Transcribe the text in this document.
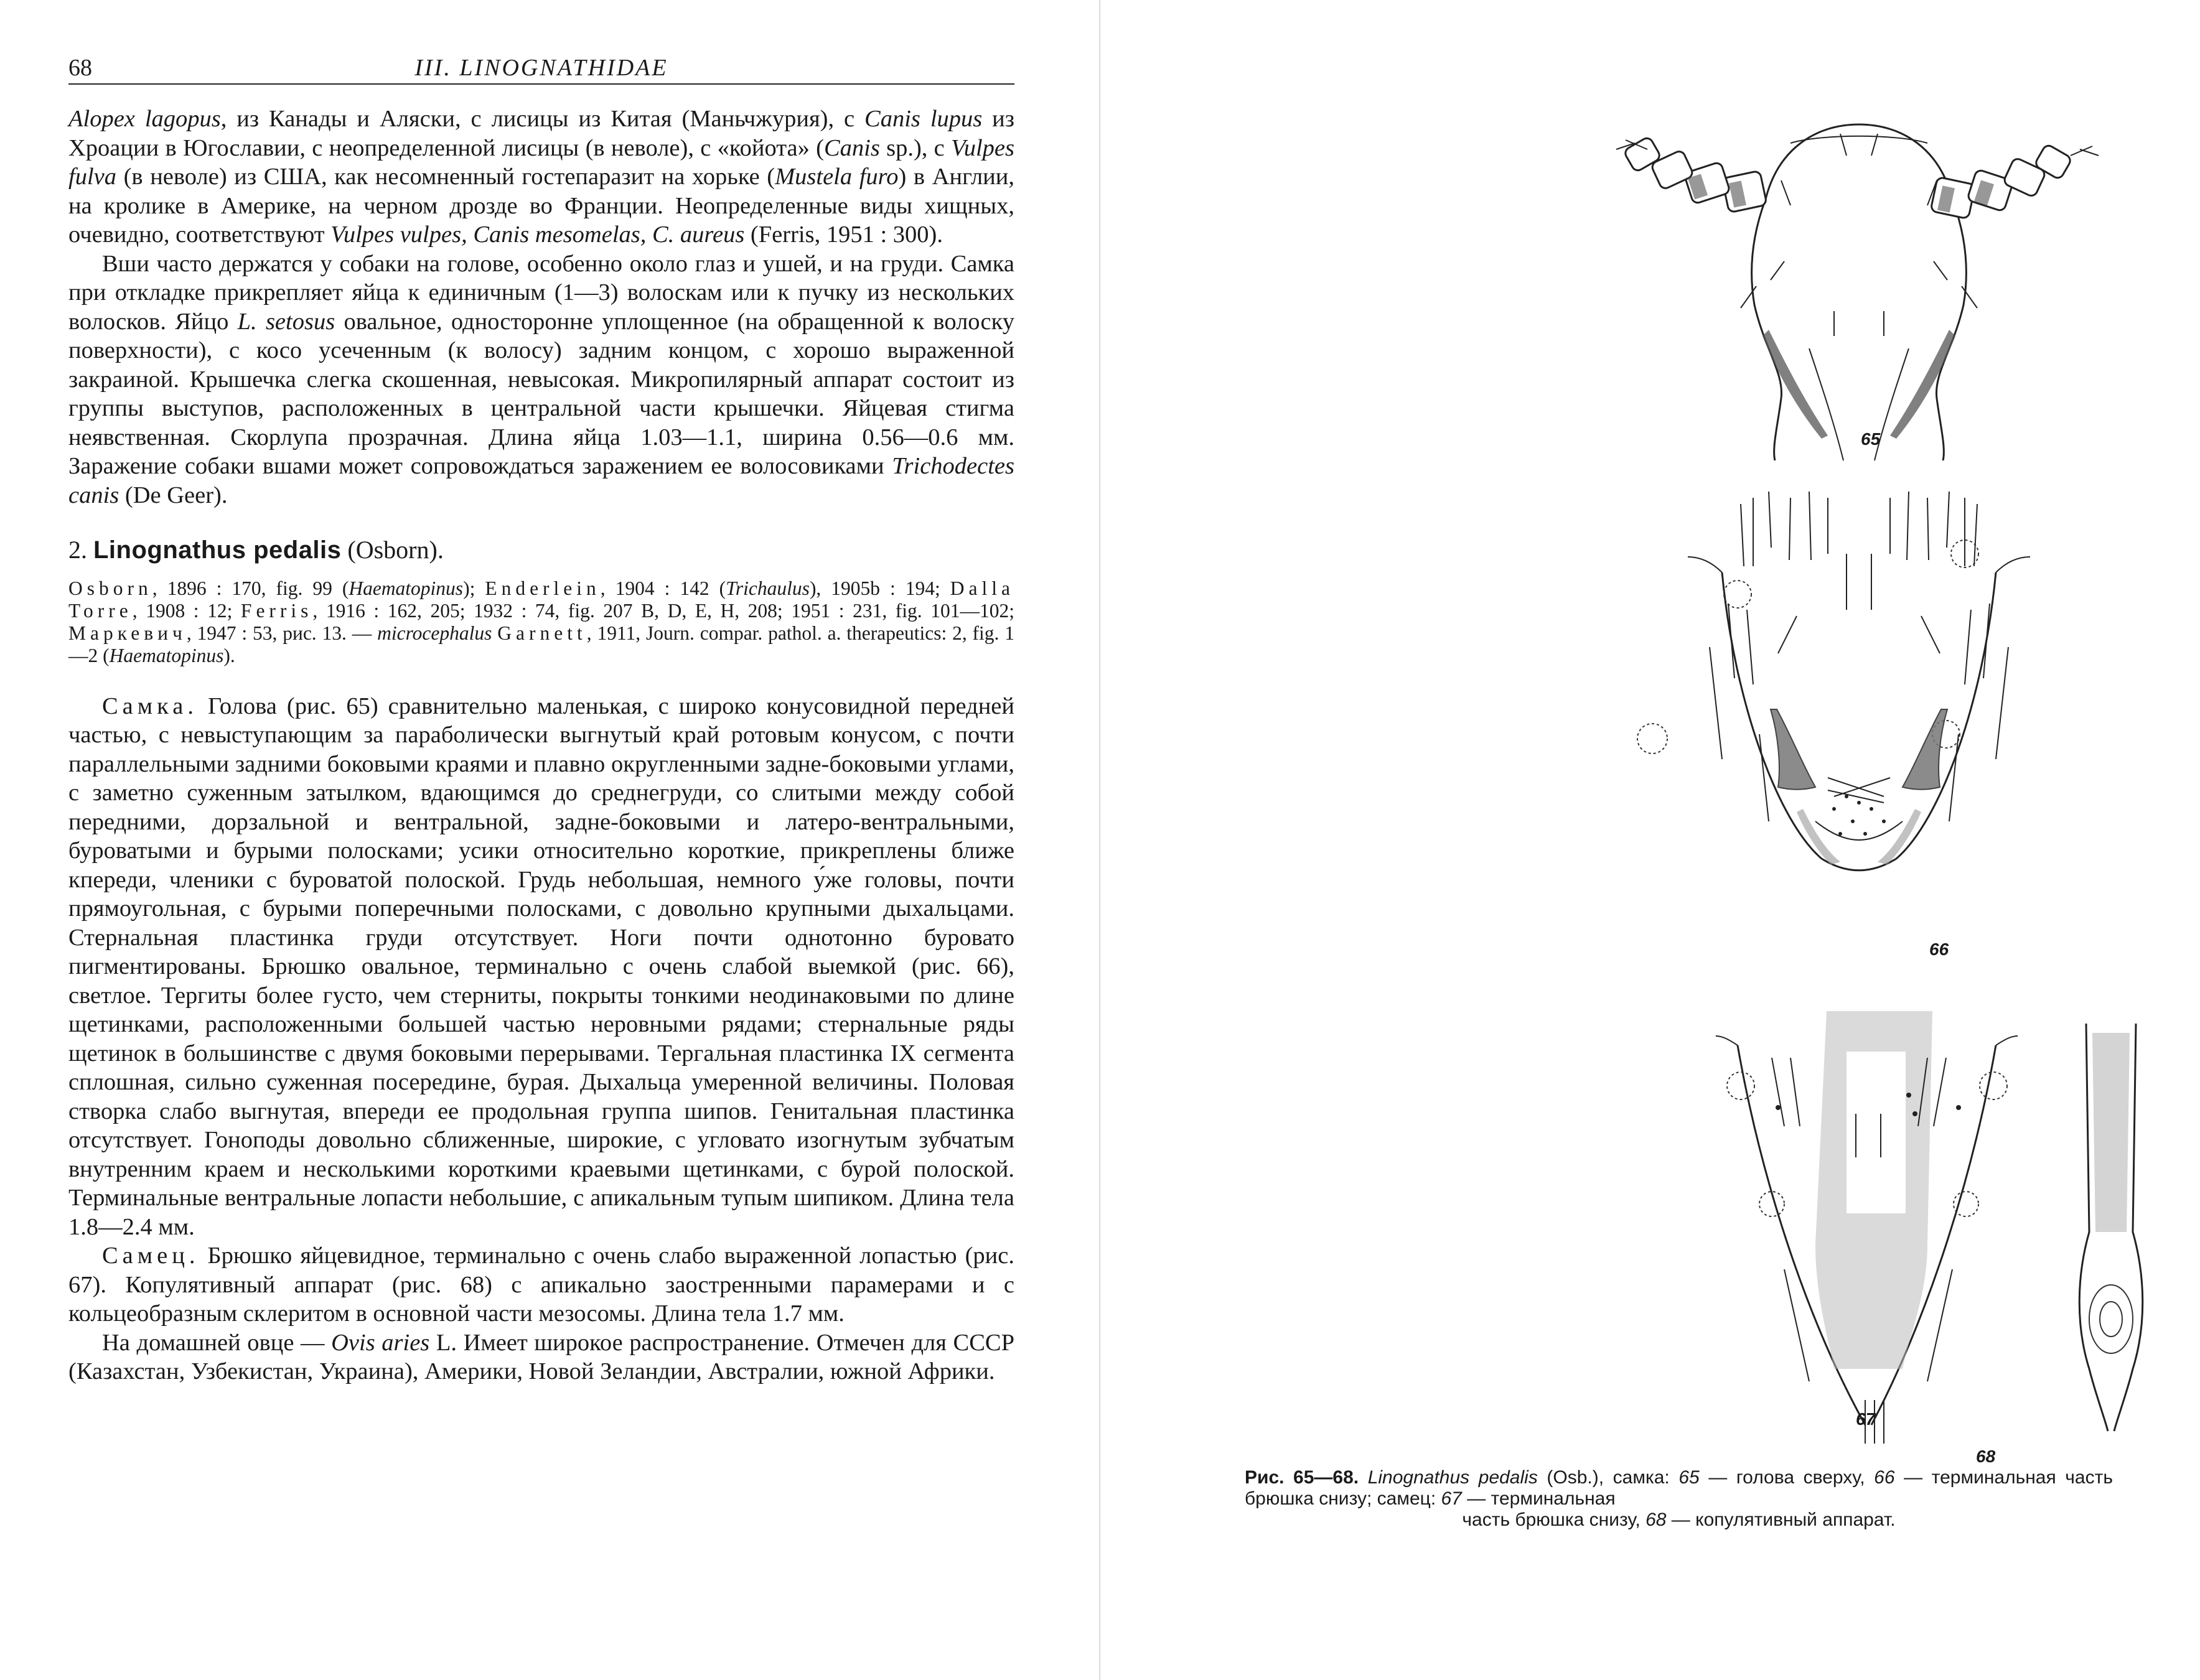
68	III. LINOGNATHIDAE

Alopex lagopus, из Канады и Аляски, с лисицы из Китая (Маньчжурия), с Canis lupus из Хроации в Югославии, с неопределенной лисицы (в неволе), с «койота» (Canis sp.), с Vulpes fulva (в неволе) из США, как несомненный гостепаразит на хорьке (Mustela furo) в Англии, на кролике в Америке, на черном дрозде во Франции. Неопределенные виды хищных, очевидно, соответствуют Vulpes vulpes, Canis mesomelas, C. aureus (Ferris, 1951 : 300).

Вши часто держатся у собаки на голове, особенно около глаз и ушей, и на груди. Самка при откладке прикрепляет яйца к единичным (1—3) волоскам или к пучку из нескольких волосков. Яйцо L. setosus овальное, односторонне уплощенное (на обращенной к волоску поверхности), с косо усеченным (к волосу) задним концом, с хорошо выраженной закраиной. Крышечка слегка скошенная, невысокая. Микропилярный аппарат состоит из группы выступов, расположенных в центральной части крышечки. Яйцевая стигма неявственная. Скорлупа прозрачная. Длина яйца 1.03—1.1, ширина 0.56—0.6 мм. Заражение собаки вшами может сопровождаться заражением ее волосовиками Trichodectes canis (De Geer).

2. Linognathus pedalis (Osborn).

Osborn, 1896 : 170, fig. 99 (Haematopinus); Enderlein, 1904 : 142 (Trichaulus), 1905b : 194; Dalla Torre, 1908 : 12; Ferris, 1916 : 162, 205; 1932 : 74, fig. 207 B, D, E, H, 208; 1951 : 231, fig. 101—102; Маркевич, 1947 : 53, рис. 13. — microcephalus Garnett, 1911, Journ. compar. pathol. a. therapeutics: 2, fig. 1—2 (Haematopinus).

Самка. Голова (рис. 65) сравнительно маленькая, с широко конусовидной передней частью, с невыступающим за параболически выгнутый край ротовым конусом, с почти параллельными задними боковыми краями и плавно округленными задне-боковыми углами, с заметно суженным затылком, вдающимся до среднегруди, со слитыми между собой передними, дорзальной и вентральной, задне-боковыми и латеро-вентральными, буроватыми и бурыми полосками; усики относительно короткие, прикреплены ближе кпереди, членики с буроватой полоской. Грудь небольшая, немного у́же головы, почти прямоугольная, с бурыми поперечными полосками, с довольно крупными дыхальцами. Стернальная пластинка груди отсутствует. Ноги почти однотонно буровато пигментированы. Брюшко овальное, терминально с очень слабой выемкой (рис. 66), светлое. Тергиты более густо, чем стерниты, покрыты тонкими неодинаковыми по длине щетинками, расположенными большей частью неровными рядами; стернальные ряды щетинок в большинстве с двумя боковыми перерывами. Тергальная пластинка IX сегмента сплошная, сильно суженная посередине, бурая. Дыхальца умеренной величины. Половая створка слабо выгнутая, впереди ее продольная группа шипов. Генитальная пластинка отсутствует. Гоноподы довольно сближенные, широкие, с угловато изогнутым зубчатым внутренним краем и несколькими короткими краевыми щетинками, с бурой полоской. Терминальные вентральные лопасти небольшие, с апикальным тупым шипиком. Длина тела 1.8—2.4 мм.

Самец. Брюшко яйцевидное, терминально с очень слабо выраженной лопастью (рис. 67). Копулятивный аппарат (рис. 68) с апикально заостренными парамерами и с кольцеобразным склеритом в основной части мезосомы. Длина тела 1.7 мм.

На домашней овце — Ovis aries L. Имеет широкое распространение. Отмечен для СССР (Казахстан, Узбекистан, Украина), Америки, Новой Зеландии, Австралии, южной Африки.

65
66
67
68
Рис. 65—68. Linognathus pedalis (Osb.), самка: 65 — голова сверху, 66 — терминальная часть брюшка снизу; самец: 67 — терминальная
часть брюшка снизу, 68 — копулятивный аппарат.
